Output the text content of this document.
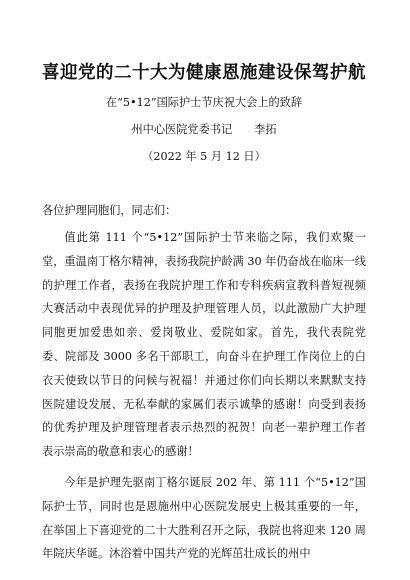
喜迎党的二十大为健康恩施建设保驾护航
在“5•12”国际护士节庆祝大会上的致辞
州中心医院党委书记 李拓
（2022 年 5 月 12 日）
各位护理同胞们，同志们：

值此第 111 个“5•12”国际护士节来临之际，我们欢聚一堂，重温南丁格尔精神，表扬我院护龄满 30 年仍奋战在临床一线的护理工作者，表扬在我院护理工作和专科疾病宣教科普短视频大赛活动中表现优异的护理及护理管理人员，以此激励广大护理同胞更加爱患如亲、爱岗敬业、爱院如家。首先，我代表院党委、院部及 3000 多名干部职工，向奋斗在护理工作岗位上的白衣天使致以节日的问候与祝福！并通过你们向长期以来默默支持医院建设发展、无私奉献的家属们表示诚挚的感谢！向受到表扬的优秀护理及护理管理者表示热烈的祝贺！向老一辈护理工作者表示崇高的敬意和衷心的感谢！

今年是护理先驱南丁格尔诞辰 202 年、第 111 个“5•12”国际护士节，同时也是恩施州中心医院发展史上极其重要的一年，在举国上下喜迎党的二十大胜利召开之际，我院也将迎来 120 周年院庆华诞。沐浴着中国共产党的光辉茁壮成长的州中
